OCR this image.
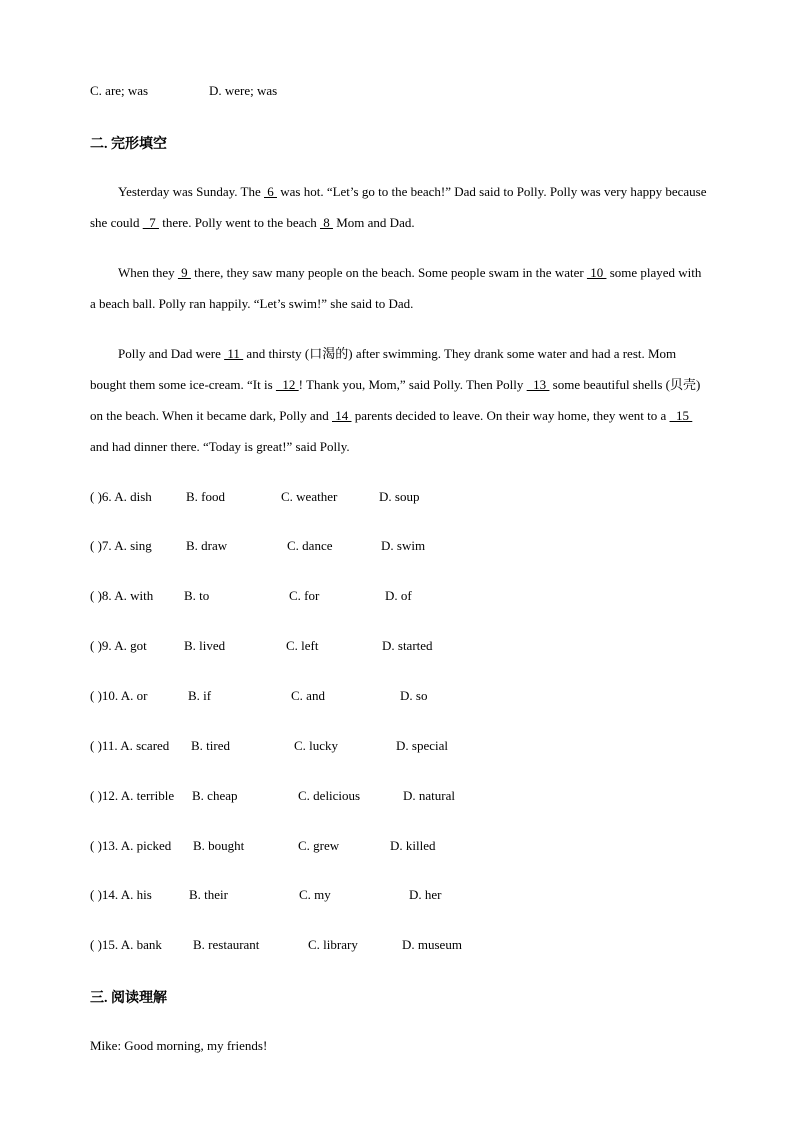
C. are; was	D. were; was
二. 完形填空
Yesterday was Sunday. The  6  was hot. “Let’s go to the beach!” Dad said to Polly. Polly was very happy because she could   7  there. Polly went to the beach  8  Mom and Dad.
When they  9  there, they saw many people on the beach. Some people swam in the water  10  some played with a beach ball. Polly ran happily. “Let’s swim!” she said to Dad.
Polly and Dad were  11  and thirsty (口渴的) after swimming. They drank some water and had a rest. Mom bought them some ice-cream. “It is   12 ! Thank you, Mom,” said Polly. Then Polly   13  some beautiful shells (贝壳) on the beach. When it became dark, Polly and  14  parents decided to leave. On their way home, they went to a   15  and had dinner there. “Today is great!” said Polly.
( )6. A. dish	B. food	C. weather	D. soup
( )7. A. sing	B. draw	C. dance	D. swim
( )8. A. with B. to	C. for	D. of
( )9. A. got	B. lived	C. left	D. started
( )10. A. or	B. if	C. and	D. so
( )11. A. scared B. tired	C. lucky	D. special
( )12. A. terrible B. cheap	C. delicious	D. natural
( )13. A. picked B. bought	C. grew	D. killed
( )14. A. his	B. their	C. my	D. her
( )15. A. bank B. restaurant	C. library	D. museum
三. 阅读理解
Mike: Good morning, my friends!
